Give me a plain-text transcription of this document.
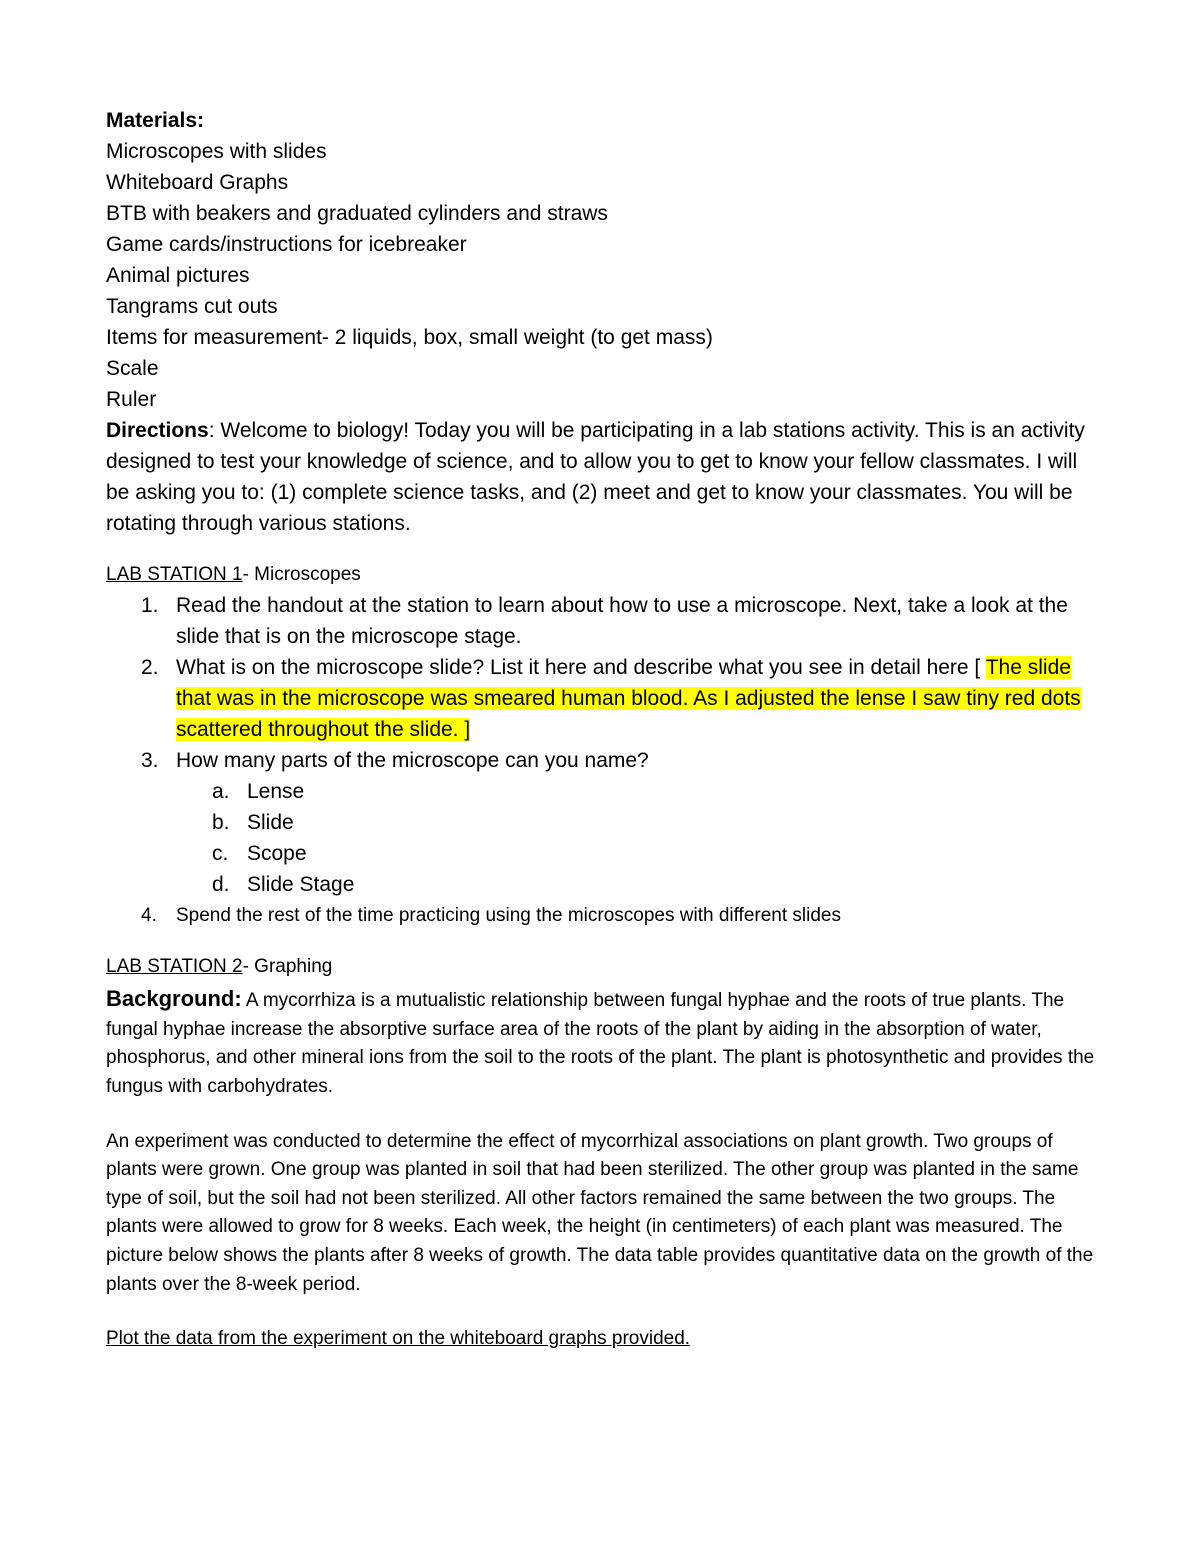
Materials:

Microscopes with slides

Whiteboard Graphs

BTB with beakers and graduated cylinders and straws

Game cards/instructions for icebreaker

Animal pictures

Tangrams cut outs

Items for measurement- 2 liquids, box, small weight (to get mass)

Scale

Ruler

Directions: Welcome to biology! Today you will be participating in a lab stations activity. This is an activity designed to test your knowledge of science, and to allow you to get to know your fellow classmates. I will be asking you to: (1) complete science tasks, and (2) meet and get to know your classmates. You will be rotating through various stations.

LAB STATION 1- Microscopes

1. Read the handout at the station to learn about how to use a microscope. Next, take a look at the slide that is on the microscope stage.
2. What is on the microscope slide? List it here and describe what you see in detail here [ The slide that was in the microscope was smeared human blood. As I adjusted the lense I saw tiny red dots scattered throughout the slide. ]
3. How many parts of the microscope can you name?
a. Lense
b. Slide
c. Scope
d. Slide Stage
4. Spend the rest of the time practicing using the microscopes with different slides

LAB STATION 2- Graphing

Background: A mycorrhiza is a mutualistic relationship between fungal hyphae and the roots of true plants. The fungal hyphae increase the absorptive surface area of the roots of the plant by aiding in the absorption of water, phosphorus, and other mineral ions from the soil to the roots of the plant. The plant is photosynthetic and provides the fungus with carbohydrates.

An experiment was conducted to determine the effect of mycorrhizal associations on plant growth. Two groups of plants were grown. One group was planted in soil that had been sterilized. The other group was planted in the same type of soil, but the soil had not been sterilized. All other factors remained the same between the two groups. The plants were allowed to grow for 8 weeks. Each week, the height (in centimeters) of each plant was measured. The picture below shows the plants after 8 weeks of growth. The data table provides quantitative data on the growth of the plants over the 8-week period.

Plot the data from the experiment on the whiteboard graphs provided.
